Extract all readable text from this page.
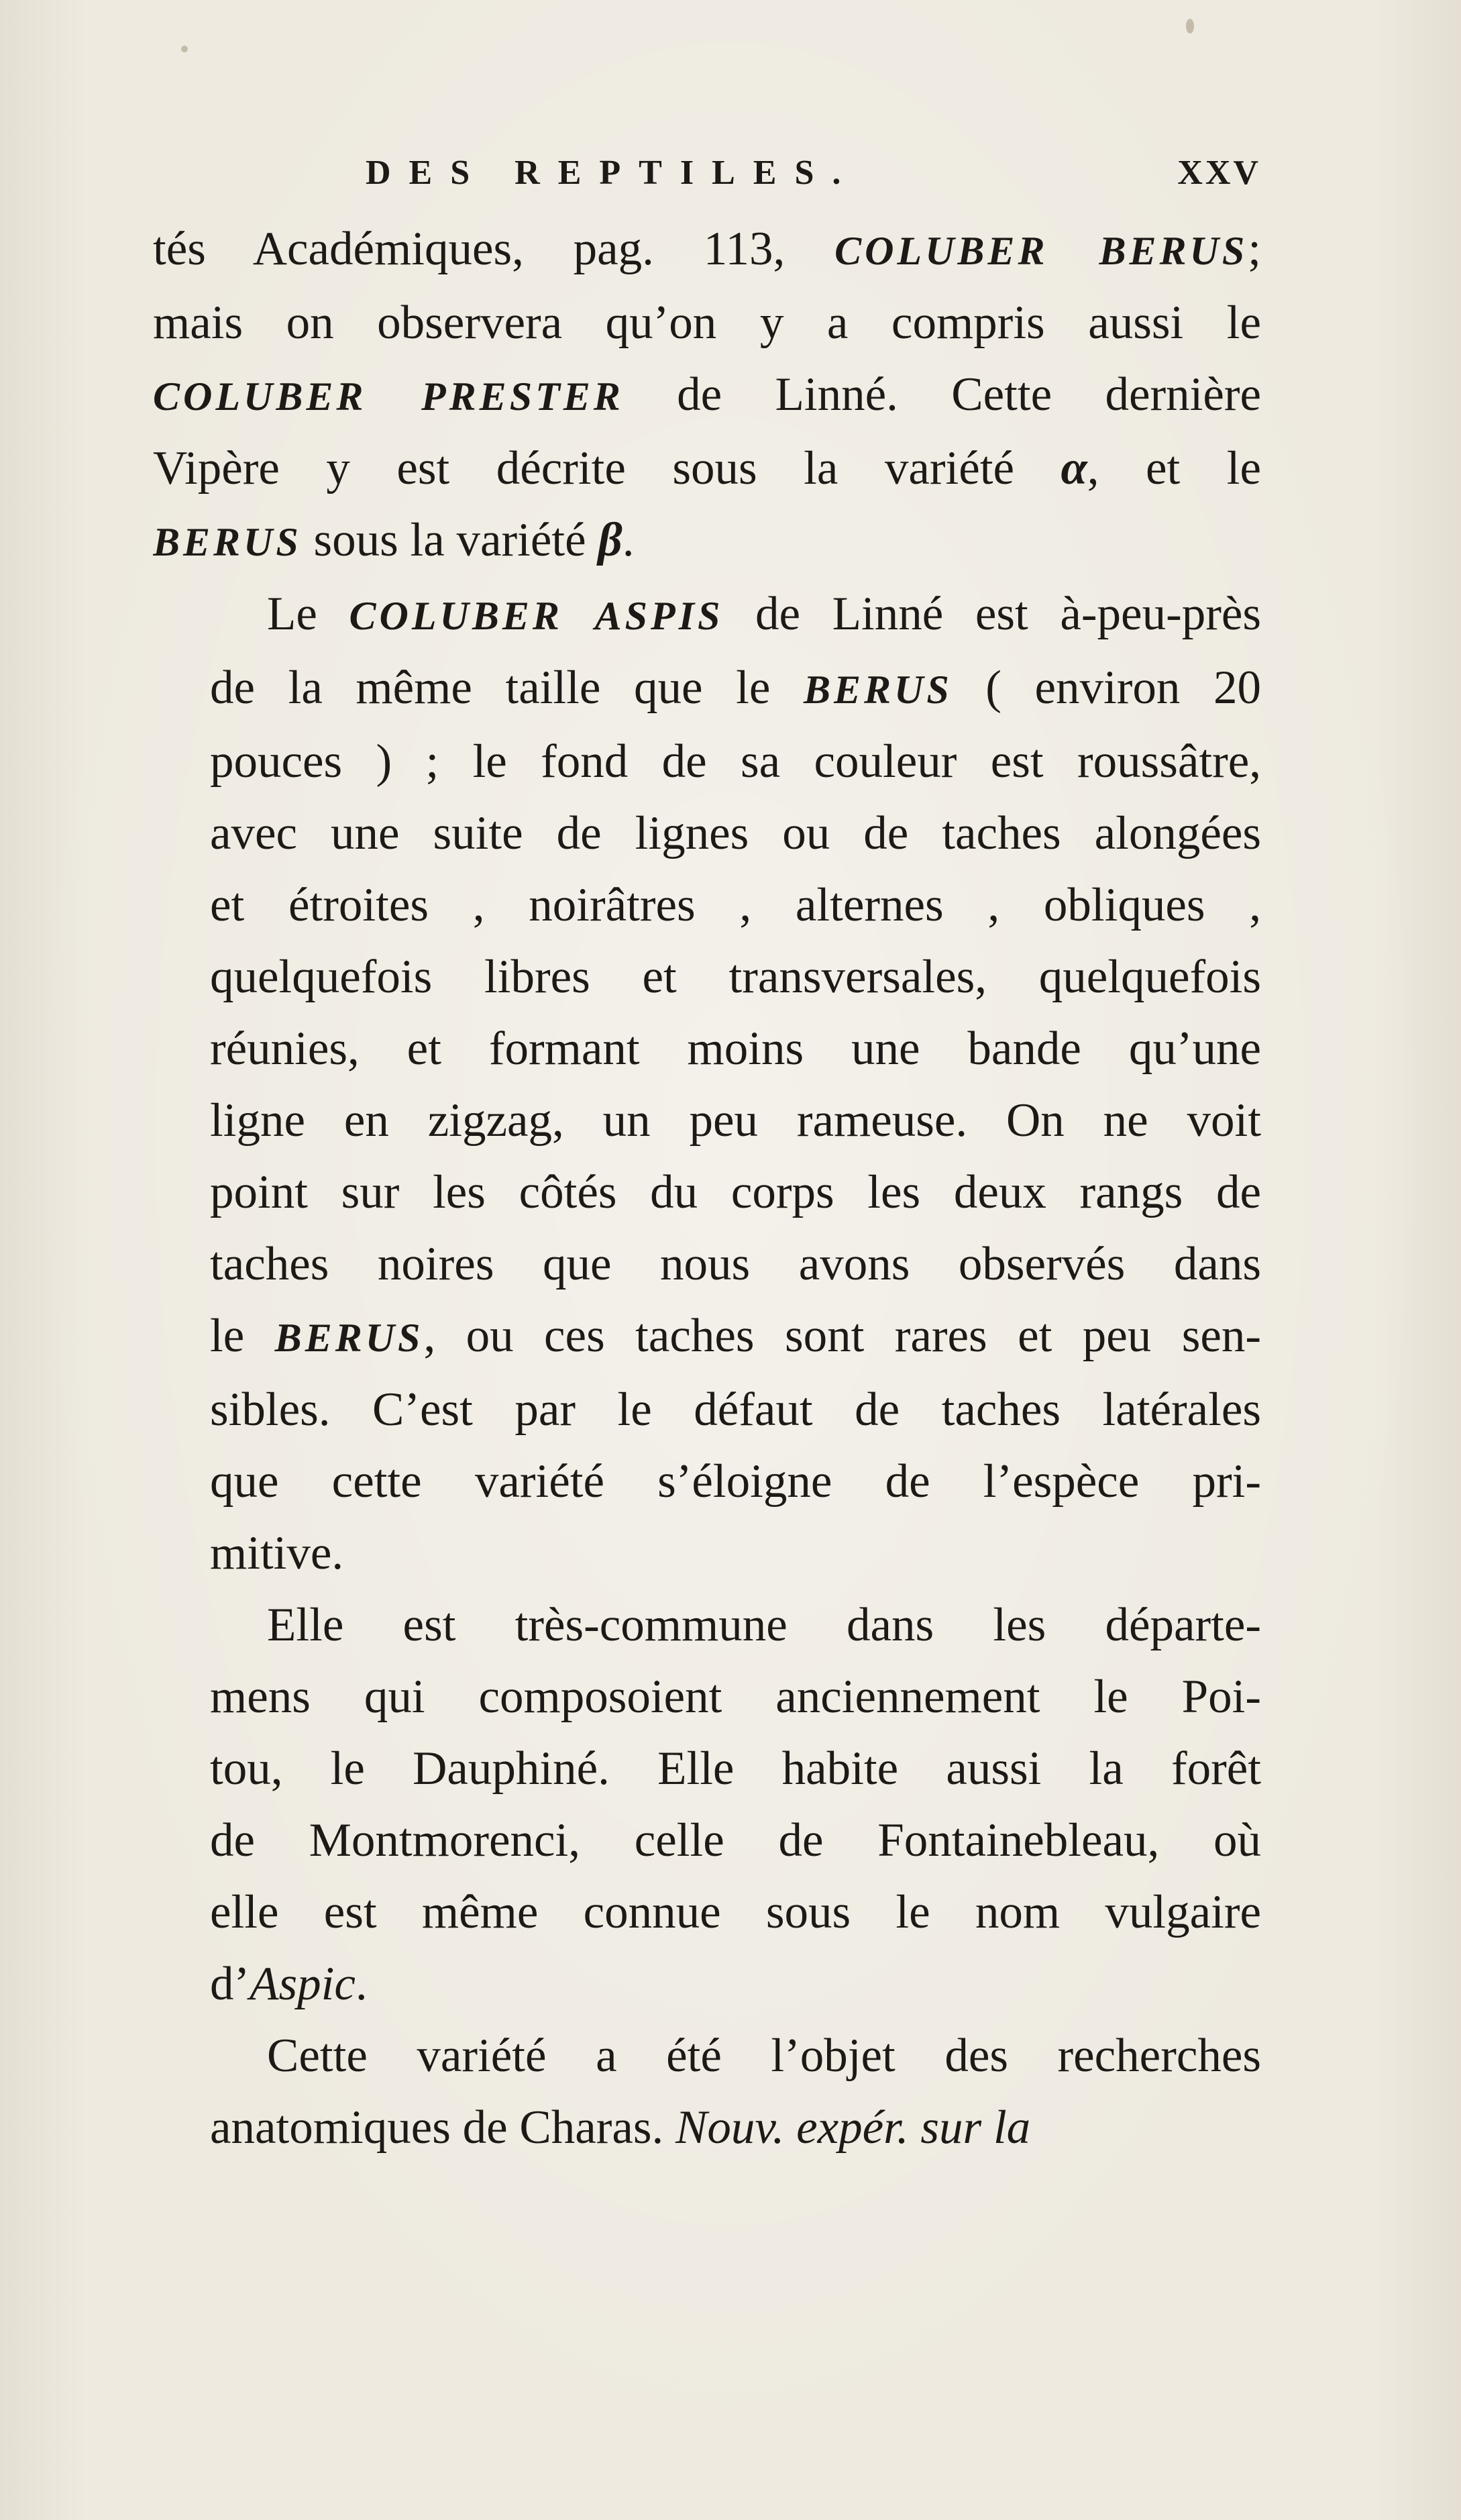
DES REPTILES.	XXV
tés Académiques, pag. 113, COLUBER BERUS;
mais on observera qu’on y a compris aussi le
COLUBER PRESTER de Linné. Cette dernière
Vipère y est décrite sous la variété α, et le
BERUS sous la variété β.
Le COLUBER ASPIS de Linné est à-peu-près
de la même taille que le BERUS ( environ 20
pouces ) ; le fond de sa couleur est roussâtre,
avec une suite de lignes ou de taches alongées
et étroites , noirâtres , alternes , obliques ,
quelquefois libres et transversales, quelquefois
réunies, et formant moins une bande qu’une
ligne en zigzag, un peu rameuse. On ne voit
point sur les côtés du corps les deux rangs de
taches noires que nous avons observés dans
le BERUS, ou ces taches sont rares et peu sen-
sibles. C’est par le défaut de taches latérales
que cette variété s’éloigne de l’espèce pri-
mitive.
Elle est très-commune dans les départe-
mens qui composoient anciennement le Poi-
tou, le Dauphiné. Elle habite aussi la forêt
de Montmorenci, celle de Fontainebleau, où
elle est même connue sous le nom vulgaire
d’Aspic.
Cette variété a été l’objet des recherches
anatomiques de Charas. Nouv. expér. sur la
